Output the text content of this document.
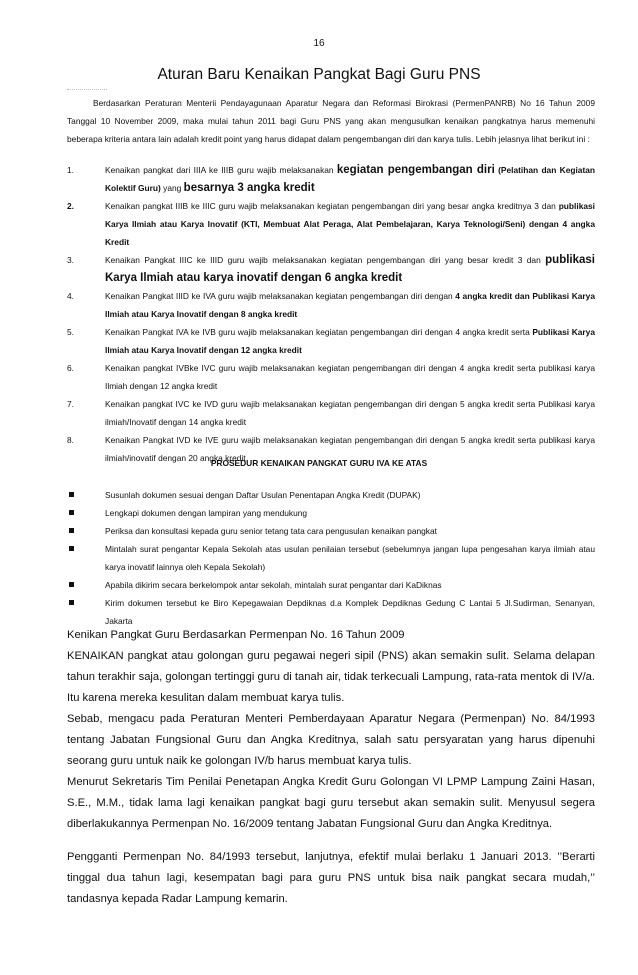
16
Aturan Baru Kenaikan Pangkat Bagi Guru PNS
Berdasarkan Peraturan Menterii Pendayagunaan Aparatur Negara dan Reformasi Birokrasi (PermenPANRB) No 16 Tahun 2009 Tanggal 10 November 2009, maka mulai tahun 2011 bagi Guru PNS yang akan mengusulkan kenaikan pangkatnya harus memenuhi beberapa kriteria antara lain adalah kredit point yang harus didapat dalam pengembangan diri dan karya tulis. Lebih jelasnya lihat berikut ini :
1.	Kenaikan pangkat dari IIIA ke IIIB guru wajib melaksanakan kegiatan pengembangan diri (Pelatihan dan Kegiatan Kolektif Guru) yang besarnya 3 angka kredit
2.	Kenaikan pangkat IIIB ke IIIC guru wajib melaksanakan kegiatan pengembangan diri yang besar angka kreditnya 3 dan publikasi Karya Ilmiah atau Karya Inovatif (KTI, Membuat Alat Peraga, Alat Pembelajaran, Karya Teknologi/Seni) dengan 4 angka Kredit
3.	Kenaikan Pangkat IIIC ke IIID guru wajib melaksanakan kegiatan pengembangan diri yang besar kredit 3 dan publikasi Karya Ilmiah atau karya inovatif dengan 6 angka kredit
4.	Kenaikan Pangkat IIID ke IVA guru wajib melaksanakan kegiatan pengembangan diri dengan 4 angka kredit dan Publikasi Karya Ilmiah atau Karya Inovatif dengan 8 angka kredit
5.	Kenaikan Pangkat IVA ke IVB guru wajib melaksanakan kegiatan pengembangan diri dengan 4 angka kredit serta Publikasi Karya Ilmiah atau Karya Inovatif dengan 12 angka kredit
6.	Kenaikan pangkat IVBke IVC guru wajib melaksanakan kegiatan pengembangan diri dengan 4 angka kredit serta publikasi karya Ilmiah dengan 12 angka kredit
7.	Kenaikan pangkat IVC ke IVD guru wajib melaksanakan kegiatan pengembangan diri dengan 5 angka kredit serta Publikasi karya ilmiah/Inovatif dengan 14 angka kredit
8.	Kenaikan Pangkat IVD ke IVE guru wajib melaksanakan kegiatan pengembangan diri dengan 5 angka kredit serta publikasi karya ilmiah/inovatif dengan 20 angka kredit
PROSEDUR KENAIKAN PANGKAT GURU IVA KE ATAS
Susunlah dokumen sesuai dengan Daftar Usulan Penentapan Angka Kredit (DUPAK)
Lengkapi dokumen dengan lampiran yang mendukung
Periksa dan konsultasi kepada guru senior tetang tata cara pengusulan kenaikan pangkat
Mintalah surat pengantar Kepala Sekolah atas usulan penilaian tersebut (sebelumnya jangan lupa pengesahan karya ilmiah atau karya inovatif lainnya oleh Kepala Sekolah)
Apabila dikirim secara berkelompok antar sekolah, mintalah surat pengantar dari KaDiknas
Kirim dokumen tersebut ke Biro Kepegawaian Depdiknas d.a Komplek Depdiknas Gedung C Lantai 5 Jl.Sudirman, Senanyan, Jakarta

Kenikan Pangkat Guru Berdasarkan Permenpan No. 16 Tahun 2009

KENAIKAN pangkat atau golongan guru pegawai negeri sipil (PNS) akan semakin sulit. Selama delapan tahun terakhir saja, golongan tertinggi guru di tanah air, tidak terkecuali Lampung, rata-rata mentok di IV/a. Itu karena mereka kesulitan dalam membuat karya tulis.

Sebab, mengacu pada Peraturan Menteri Pemberdayaan Aparatur Negara (Permenpan) No. 84/1993 tentang Jabatan Fungsional Guru dan Angka Kreditnya, salah satu persyaratan yang harus dipenuhi seorang guru untuk naik ke golongan IV/b harus membuat karya tulis.

Menurut Sekretaris Tim Penilai Penetapan Angka Kredit Guru Golongan VI LPMP Lampung Zaini Hasan, S.E., M.M., tidak lama lagi kenaikan pangkat bagi guru tersebut akan semakin sulit. Menyusul segera diberlakukannya Permenpan No. 16/2009 tentang Jabatan Fungsional Guru dan Angka Kreditnya.

Pengganti Permenpan No. 84/1993 tersebut, lanjutnya, efektif mulai berlaku 1 Januari 2013. ’’Berarti tinggal dua tahun lagi, kesempatan bagi para guru PNS untuk bisa naik pangkat secara mudah,’’ tandasnya kepada Radar Lampung kemarin.
